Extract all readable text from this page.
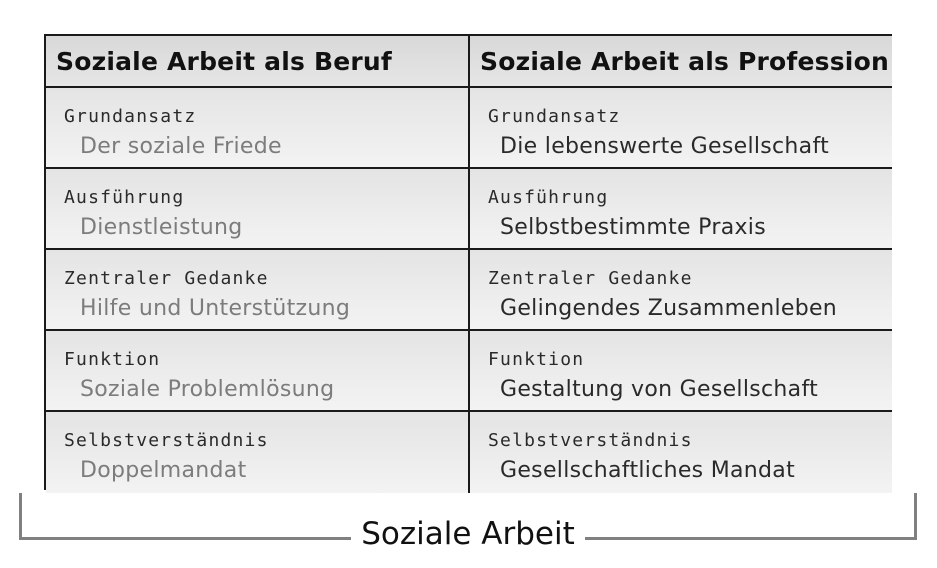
Soziale Arbeit als Beruf	Soziale Arbeit als Profession
Grundansatz
Der soziale Friede
Grundansatz
Die lebenswerte Gesellschaft
Ausführung
Dienstleistung
Ausführung
Selbstbestimmte Praxis
Zentraler Gedanke
Hilfe und Unterstützung
Zentraler Gedanke
Gelingendes Zusammenleben
Funktion
Soziale Problemlösung
Funktion
Gestaltung von Gesellschaft
Selbstverständnis
Doppelmandat
Selbstverständnis
Gesellschaftliches Mandat
Soziale Arbeit
